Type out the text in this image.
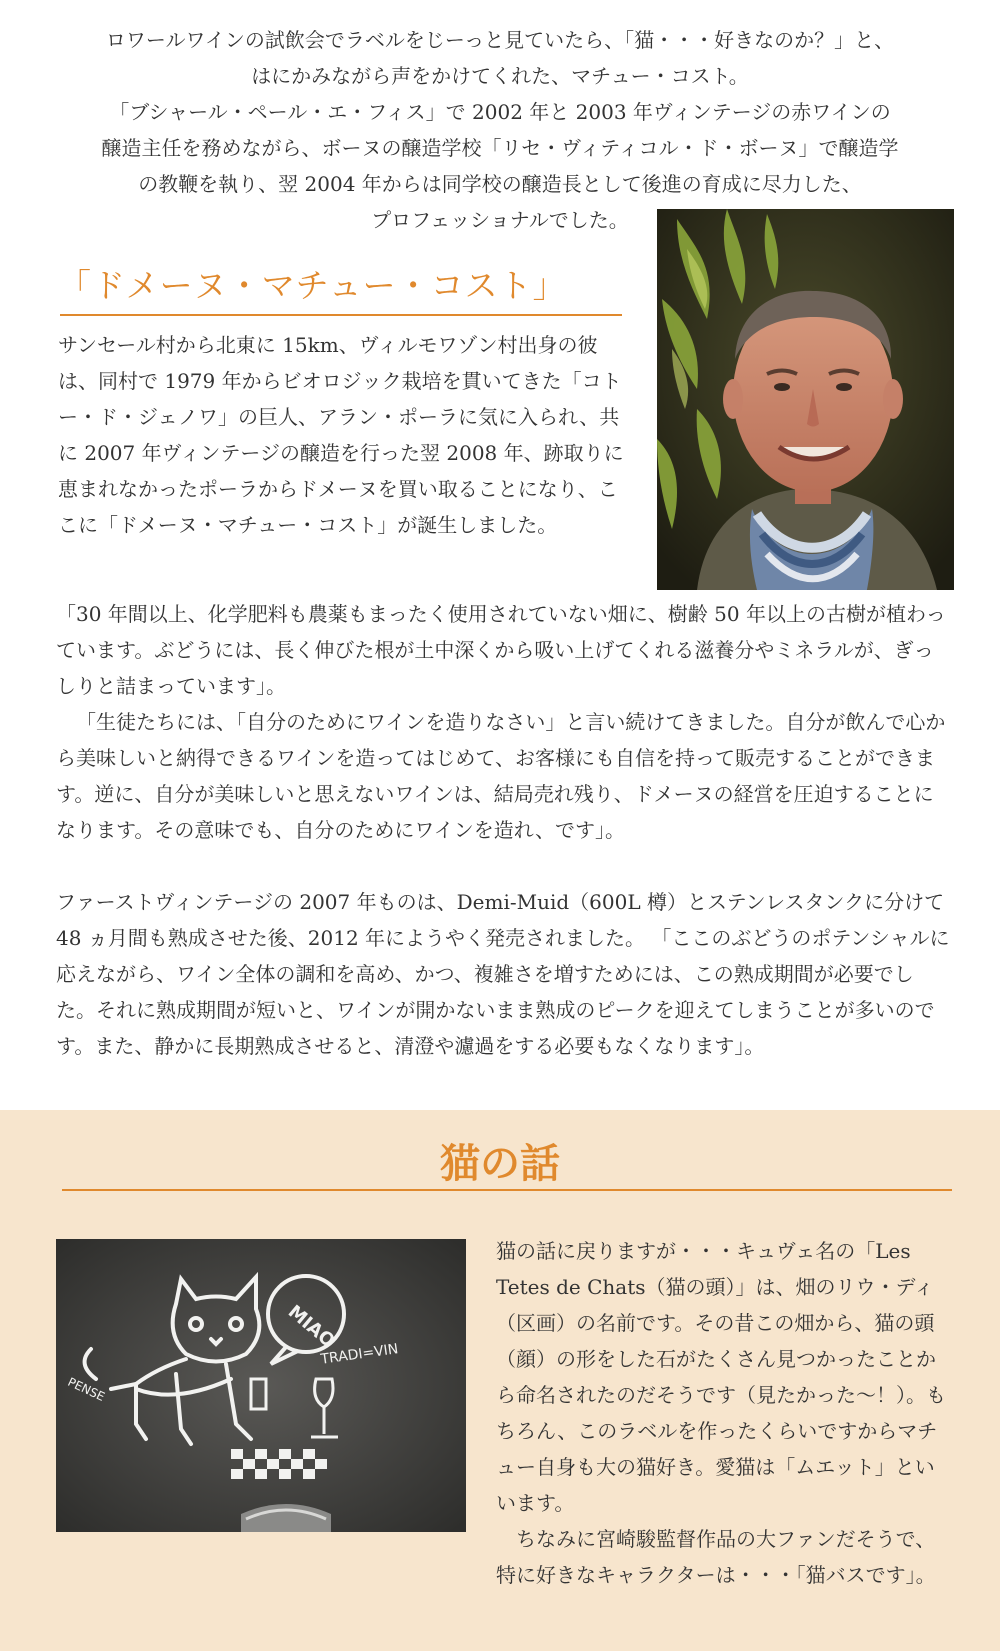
ロワールワインの試飲会でラベルをじーっと見ていたら、「猫・・・好きなのか？」と、

はにかみながら声をかけてくれた、マチュー・コスト。

「ブシャール・ペール・エ・フィス」で 2002 年と 2003 年ヴィンテージの赤ワインの

醸造主任を務めながら、ボーヌの醸造学校「リセ・ヴィティコル・ド・ボーヌ」で醸造学

の教鞭を執り、翌 2004 年からは同学校の醸造長として後進の育成に尽力した、

プロフェッショナルでした。

「ドメーヌ・マチュー・コスト」

サンセール村から北東に 15km、ヴィルモワゾン村出身の彼は、同村で 1979 年からビオロジック栽培を貫いてきた「コトー・ド・ジェノワ」の巨人、アラン・ポーラに気に入られ、共に 2007 年ヴィンテージの醸造を行った翌 2008 年、跡取りに恵まれなかったポーラからドメーヌを買い取ることになり、ここに「ドメーヌ・マチュー・コスト」が誕生しました。

「30 年間以上、化学肥料も農薬もまったく使用されていない畑に、樹齢 50 年以上の古樹が植わっています。ぶどうには、長く伸びた根が土中深くから吸い上げてくれる滋養分やミネラルが、ぎっしりと詰まっています」。

「生徒たちには、「自分のためにワインを造りなさい」と言い続けてきました。自分が飲んで心から美味しいと納得できるワインを造ってはじめて、お客様にも自信を持って販売することができます。逆に、自分が美味しいと思えないワインは、結局売れ残り、ドメーヌの経営を圧迫することになります。その意味でも、自分のためにワインを造れ、です」。

ファーストヴィンテージの 2007 年ものは、Demi-Muid（600L 樽）とステンレスタンクに分けて 48 ヵ月間も熟成させた後、2012 年にようやく発売されました。 「ここのぶどうのポテンシャルに応えながら、ワイン全体の調和を高め、かつ、複雑さを増すためには、この熟成期間が必要でした。それに熟成期間が短いと、ワインが開かないまま熟成のピークを迎えてしまうことが多いのです。また、静かに長期熟成させると、清澄や濾過をする必要もなくなります」。

猫の話
MIAO
TRADI=VIN
PENSE

猫の話に戻りますが・・・キュヴェ名の「Les Tetes de Chats（猫の頭）」は、畑のリウ・ディ（区画）の名前です。その昔この畑から、猫の頭（顔）の形をした石がたくさん見つかったことから命名されたのだそうです（見たかった～！）。もちろん、このラベルを作ったくらいですからマチュー自身も大の猫好き。愛猫は「ムエット」といいます。

ちなみに宮崎駿監督作品の大ファンだそうで、特に好きなキャラクターは・・・「猫バスです」。
